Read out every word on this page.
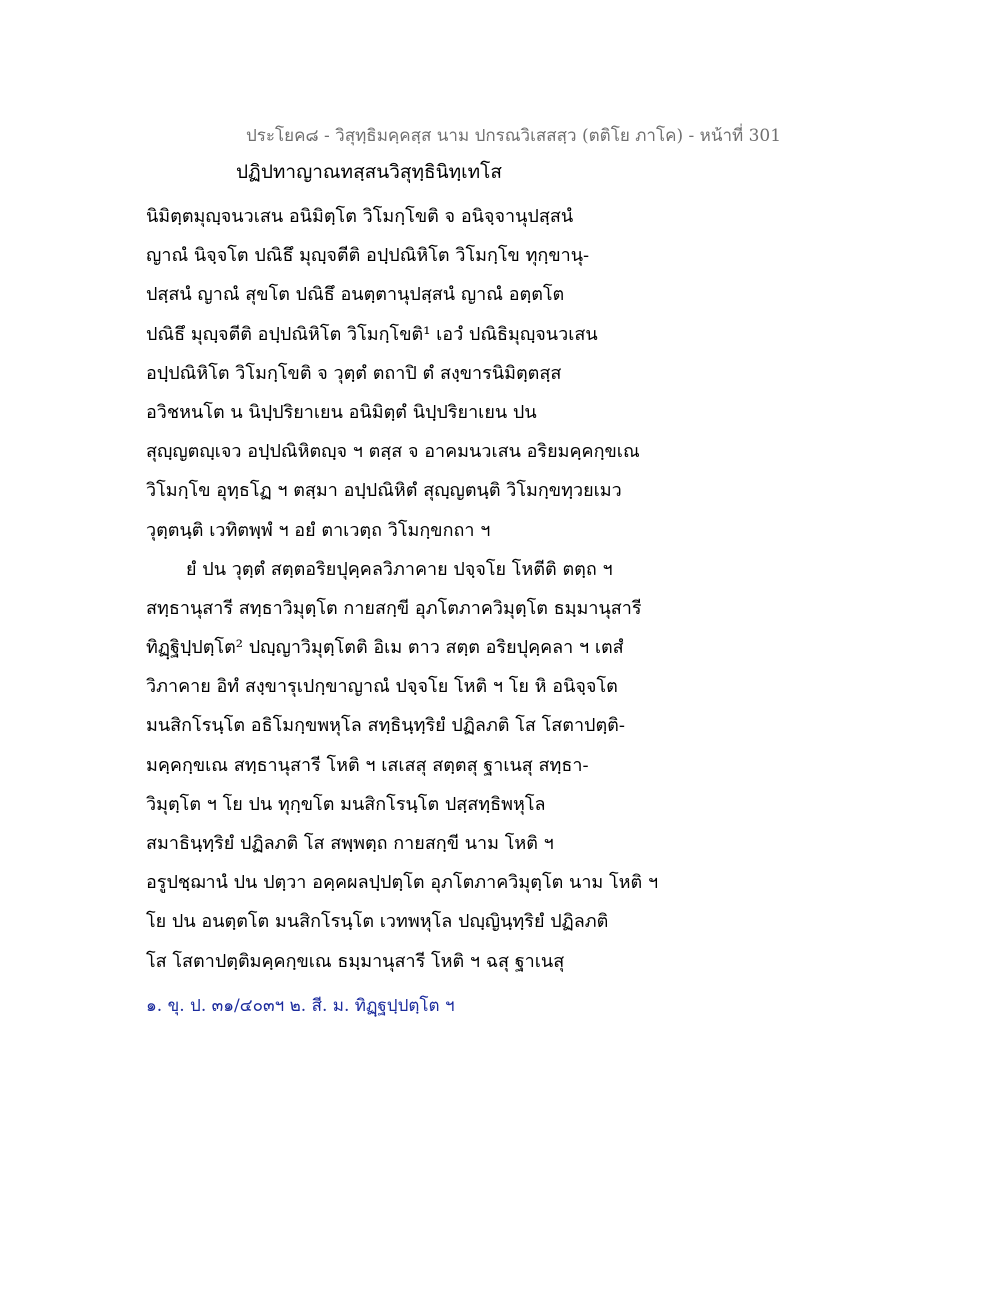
ประโยค๘ - วิสุทฺธิมคฺคสฺส นาม ปกรณวิเสสสฺว (ตติโย ภาโค) - หน้าที่ 301
ปฏิปทาญาณทสฺสนวิสุทฺธินิทฺเทโส
นิมิตฺตมุญฺจนวเสน อนิมิตฺโต วิโมกฺโขติ จ อนิจฺจานุปสฺสนํ
ญาณํ นิจฺจโต ปณิธึ มุญฺจตีติ อปฺปณิหิโต วิโมกฺโข ทุกฺขานุ-
ปสฺสนํ ญาณํ สุขโต ปณิธึ อนตฺตานุปสฺสนํ ญาณํ อตฺตโต
ปณิธึ มุญฺจตีติ อปฺปณิหิโต วิโมกฺโขติ¹ เอวํ ปณิธิมุญฺจนวเสน
อปฺปณิหิโต วิโมกฺโขติ จ วุตฺตํ ตถาปิ ตํ สงฺขารนิมิตฺตสฺส
อวิชหนโต น นิปฺปริยาเยน อนิมิตฺตํ นิปฺปริยาเยน ปน
สุญฺญตญฺเจว อปฺปณิหิตญฺจ ฯ ตสฺส จ อาคมนวเสน อริยมคฺคกฺขเณ
วิโมกฺโข อุทฺธโฏ ฯ ตสฺมา อปฺปณิหิตํ สุญฺญตนฺติ วิโมกฺขทฺวยเมว
วุตฺตนฺติ เวทิตพฺพํ ฯ อยํ ตาเวตฺถ วิโมกฺขกถา ฯ
ยํ ปน วุตฺตํ สตฺตอริยปุคฺคลวิภาคาย ปจฺจโย โหตีติ ตตฺถ ฯ
สทฺธานุสารี สทฺธาวิมุตฺโต กายสกฺขี อุภโตภาควิมุตฺโต ธมฺมานุสารี
ทิฏฺฐิปฺปตฺโต² ปญฺญาวิมุตฺโตติ อิเม ตาว สตฺต อริยปุคฺคลา ฯ เตสํ
วิภาคาย อิทํ สงฺขารุเปกฺขาญาณํ ปจฺจโย โหติ ฯ โย หิ อนิจฺจโต
มนสิกโรนฺโต อธิโมกฺขพหุโล สทฺธินฺทฺริยํ ปฏิลภติ โส โสตาปตฺติ-
มคฺคกฺขเณ สทฺธานุสารี โหติ ฯ เสเสสุ สตฺตสุ ฐาเนสุ สทฺธา-
วิมุตฺโต ฯ โย ปน ทุกฺขโต มนสิกโรนฺโต ปสฺสทฺธิพหุโล
สมาธินฺทฺริยํ ปฏิลภติ โส สพฺพตฺถ กายสกฺขี นาม โหติ ฯ
อรูปชฺฌานํ ปน ปตฺวา อคฺคผลปฺปตฺโต อุภโตภาควิมุตฺโต นาม โหติ ฯ
โย ปน อนตฺตโต มนสิกโรนฺโต เวทพหุโล ปญฺญินฺทฺริยํ ปฏิลภติ
โส โสตาปตฺติมคฺคกฺขเณ ธมฺมานุสารี โหติ ฯ ฉสุ ฐาเนสุ
๑. ขุ. ป. ๓๑/๔๐๓ฯ ๒. สี. ม. ทิฏฺฐปฺปตฺโต ฯ
